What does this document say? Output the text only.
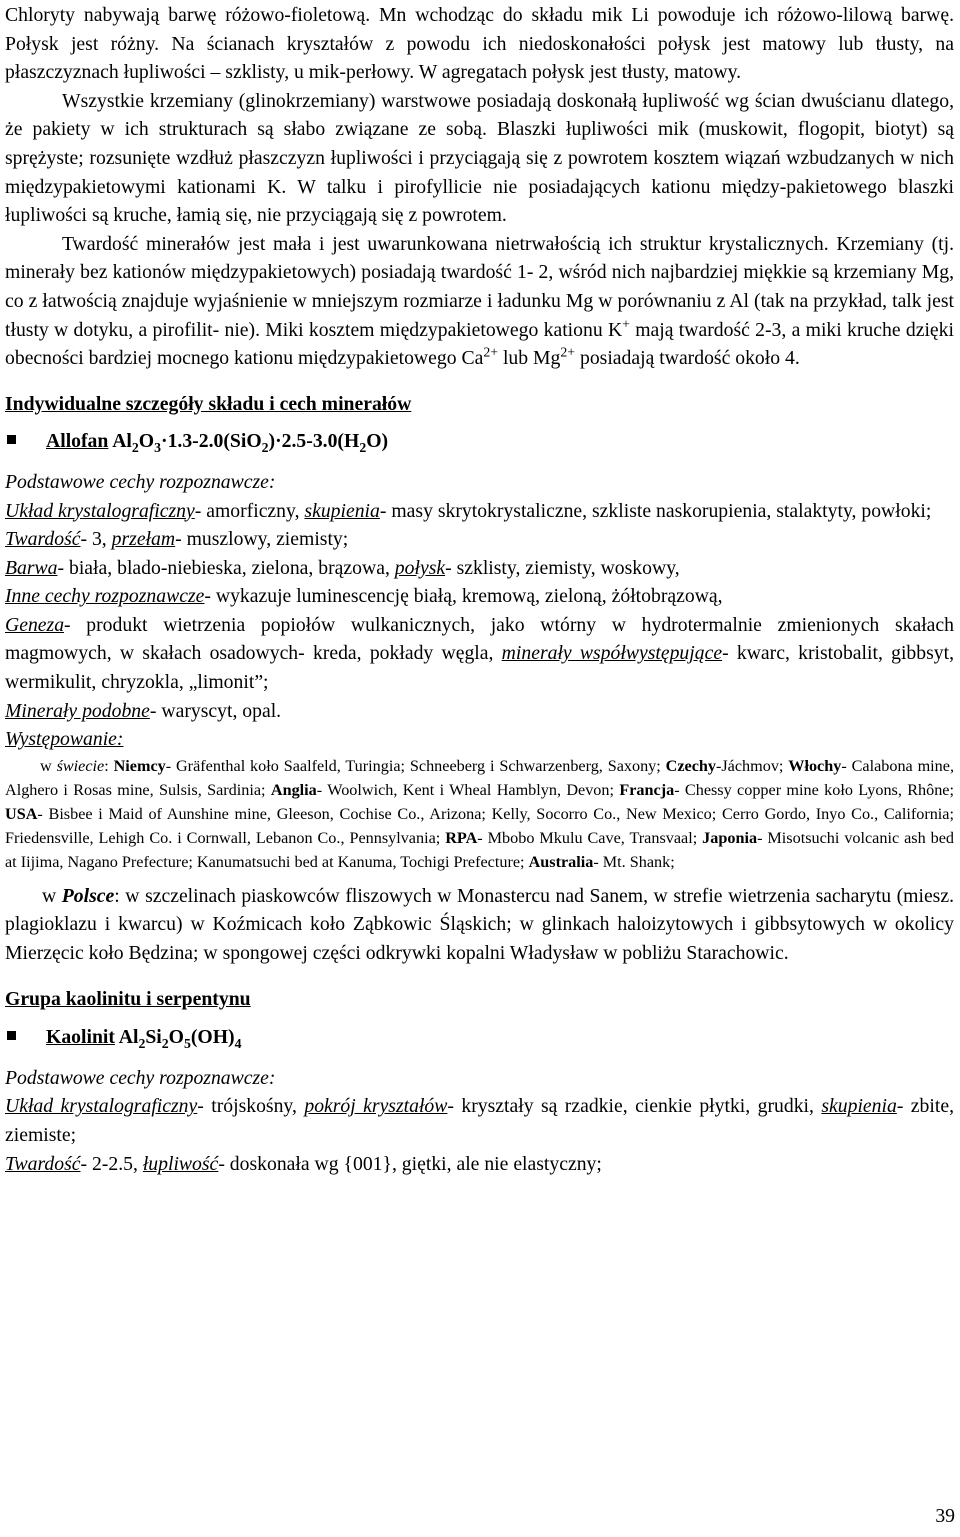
Chloryty nabywają barwę różowo-fioletową. Mn wchodząc do składu mik Li powoduje ich różowo-lilową barwę. Połysk jest różny. Na ścianach kryształów z powodu ich niedoskonałości połysk jest matowy lub tłusty, na płaszczyznach łupliwości – szklisty, u mik-perłowy. W agregatach połysk jest tłusty, matowy.

Wszystkie krzemiany (glinokrzemiany) warstwowe posiadają doskonałą łupliwość wg ścian dwuścianu dlatego, że pakiety w ich strukturach są słabo związane ze sobą. Blaszki łupliwości mik (muskowit, flogopit, biotyt) są sprężyste; rozsunięte wzdłuż płaszczyzn łupliwości i przyciągają się z powrotem kosztem wiązań wzbudzanych w nich międzypakietowymi kationami K. W talku i pirofyllicie nie posiadających kationu między-pakietowego blaszki łupliwości są kruche, łamią się, nie przyciągają się z powrotem.

Twardość minerałów jest mała i jest uwarunkowana nietrwałością ich struktur krystalicznych. Krzemiany (tj. minerały bez kationów międzypakietowych) posiadają twardość 1- 2, wśród nich najbardziej miękkie są krzemiany Mg, co z łatwością znajduje wyjaśnienie w mniejszym rozmiarze i ładunku Mg w porównaniu z Al (tak na przykład, talk jest tłusty w dotyku, a pirofilit- nie). Miki kosztem międzypakietowego kationu K+ mają twardość 2-3, a miki kruche dzięki obecności bardziej mocnego kationu międzypakietowego $Ca^{2+}$ lub $Mg^{2+}$ posiadają twardość około 4.

Indywidualne szczegóły składu i cech minerałów

Allofan $Al_2O_3\cdot 1.3-2.0(SiO_2)\cdot 2.5-3.0(H_2O)$

Podstawowe cechy rozpoznawcze:

Układ krystalograficzny- amorficzny, skupienia- masy skrytokrystaliczne, szkliste naskorupienia, stalaktyty, powłoki;

Twardość- 3, przełam- muszlowy, ziemisty;

Barwa- biała, blado-niebieska, zielona, brązowa, połysk- szklisty, ziemisty, woskowy,

Inne cechy rozpoznawcze- wykazuje luminescencję białą, kremową, zieloną, żółtobrązową,

Geneza- produkt wietrzenia popiołów wulkanicznych, jako wtórny w hydrotermalnie zmienionych skałach magmowych, w skałach osadowych- kreda, pokłady węgla, minerały współwystępujące- kwarc, kristobalit, gibbsyt, wermikulit, chryzokla, „limonit”;

Minerały podobne- waryscyt, opal.

Występowanie:

w świecie: Niemcy- Gräfenthal koło Saalfeld, Turingia; Schneeberg i Schwarzenberg, Saxony; Czechy-Jáchmov; Włochy- Calabona mine, Alghero i Rosas mine, Sulsis, Sardinia; Anglia- Woolwich, Kent i Wheal Hamblyn, Devon; Francja- Chessy copper mine koło Lyons, Rhône; USA- Bisbee i Maid of Aunshine mine, Gleeson, Cochise Co., Arizona; Kelly, Socorro Co., New Mexico; Cerro Gordo, Inyo Co., California; Friedensville, Lehigh Co. i Cornwall, Lebanon Co., Pennsylvania; RPA- Mbobo Mkulu Cave, Transvaal; Japonia- Misotsuchi volcanic ash bed at Iijima, Nagano Prefecture; Kanumatsuchi bed at Kanuma, Tochigi Prefecture; Australia- Mt. Shank;

w Polsce: w szczelinach piaskowców fliszowych w Monastercu nad Sanem, w strefie wietrzenia sacharytu (miesz. plagioklazu i kwarcu) w Koźmicach koło Ząbkowic Śląskich; w glinkach haloizytowych i gibbsytowych w okolicy Mierzęcic koło Będzina; w spongowej części odkrywki kopalni Władysław w pobliżu Starachowic.

Grupa kaolinitu i serpentynu

Kaolinit $Al_2Si_2O_5(OH)_4$

Podstawowe cechy rozpoznawcze:

Układ krystalograficzny- trójskośny, pokrój kryształów- kryształy są rzadkie, cienkie płytki, grudki, skupienia- zbite, ziemiste;

Twardość- 2-2.5, łupliwość- doskonała wg {001}, giętki, ale nie elastyczny;

39
